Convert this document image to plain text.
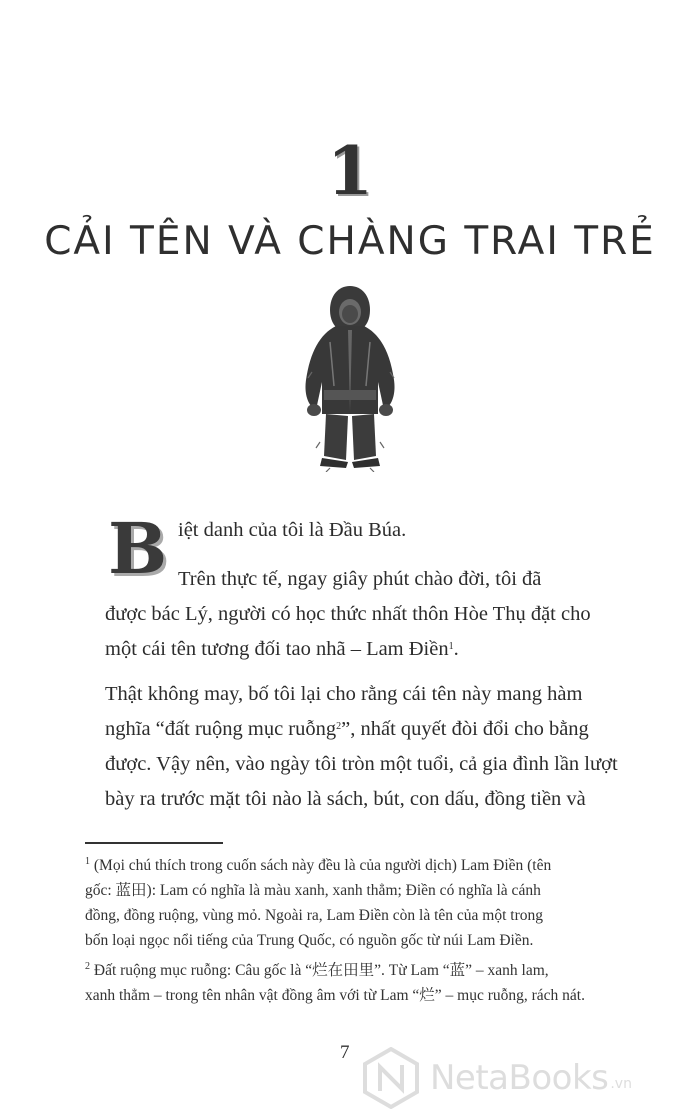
1
CẢI TÊN VÀ CHÀNG TRAI TRẺ
B iệt danh của tôi là Đầu Búa.
Trên thực tế, ngay giây phút chào đời, tôi đã
được bác Lý, người có học thức nhất thôn Hòe Thụ đặt cho
một cái tên tương đối tao nhã – Lam Điền$^1$.
Thật không may, bố tôi lại cho rằng cái tên này mang hàm
nghĩa “đất ruộng mục ruỗng$^2$”, nhất quyết đòi đổi cho bằng
được. Vậy nên, vào ngày tôi tròn một tuổi, cả gia đình lần lượt
bày ra trước mặt tôi nào là sách, bút, con dấu, đồng tiền và
$^1$ (Mọi chú thích trong cuốn sách này đều là của người dịch) Lam Điền (tên
gốc: 蓝田): Lam có nghĩa là màu xanh, xanh thẳm; Điền có nghĩa là cánh
đồng, đồng ruộng, vùng mỏ. Ngoài ra, Lam Điền còn là tên của một trong
bốn loại ngọc nổi tiếng của Trung Quốc, có nguồn gốc từ núi Lam Điền.
$^2$ Đất ruộng mục ruỗng: Câu gốc là “烂在田里”. Từ Lam “蓝” – xanh lam,
xanh thẳm – trong tên nhân vật đồng âm với từ Lam “烂” – mục ruỗng, rách nát.
7
NetaBooks .vn
